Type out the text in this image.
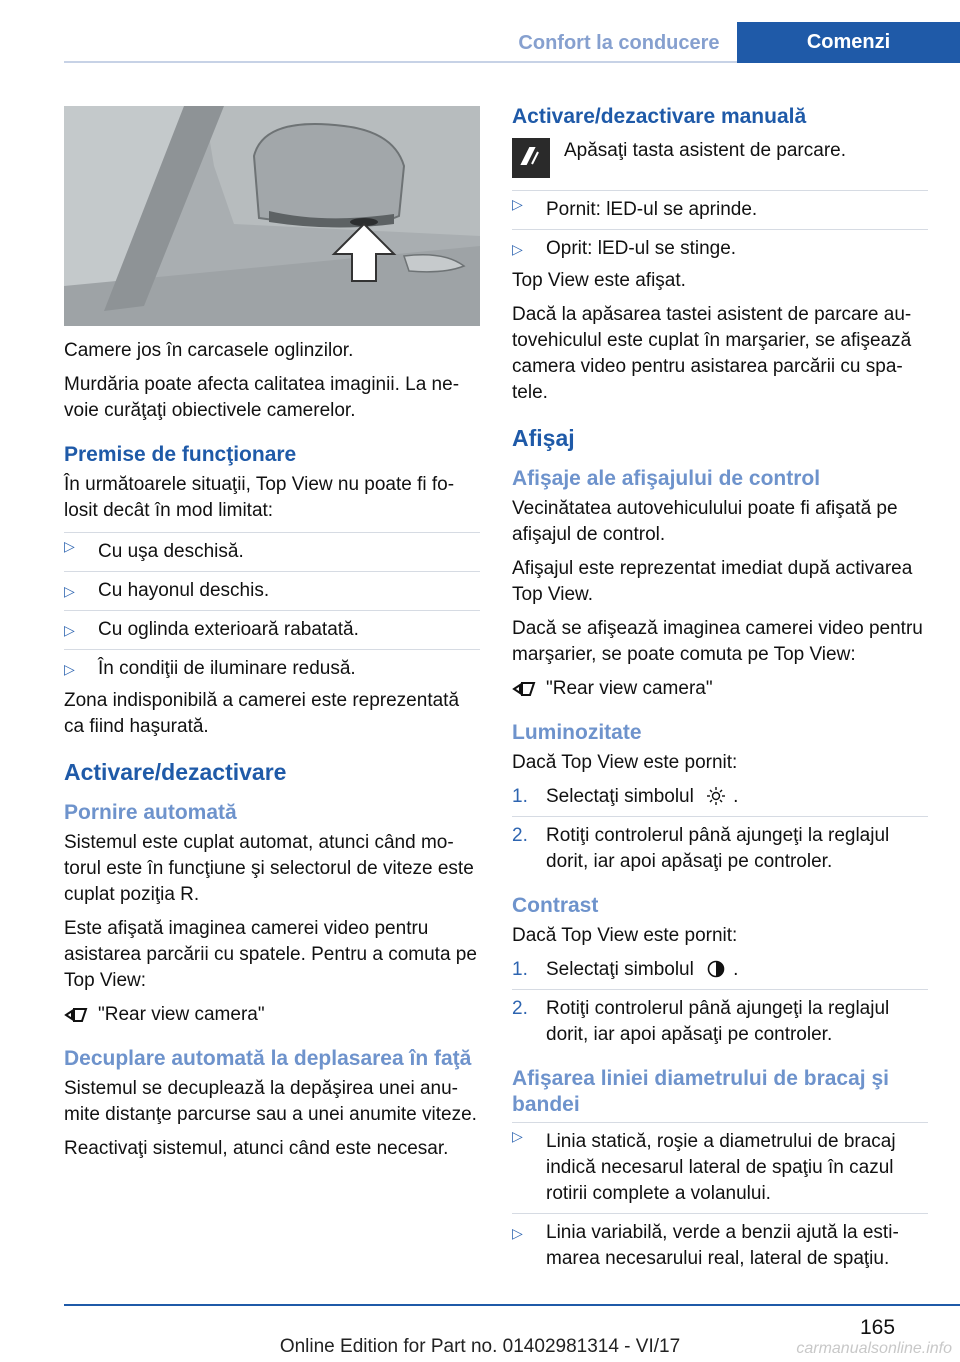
Confort la conducere	Comenzi

Camere jos în carcasele oglinzilor.

Murdăria poate afecta calitatea imaginii. La nevoie curăţaţi obiectivele camerelor.

Premise de funcţionare

În următoarele situaţii, Top View nu poate fi folosit decât în mod limitat:

▷ Cu uşa deschisă.
▷ Cu hayonul deschis.
▷ Cu oglinda exterioară rabatată.
▷ În condiţii de iluminare redusă.

Zona indisponibilă a camerei este reprezentată ca fiind haşurată.

Activare/dezactivare
Pornire automată

Sistemul este cuplat automat, atunci când motorul este în funcţiune şi selectorul de viteze este cuplat poziţia R.

Este afişată imaginea camerei video pentru asistarea parcării cu spatele. Pentru a comuta pe Top View:

"Rear view camera"
Decuplare automată la deplasarea în faţă

Sistemul se decuplează la depăşirea unei anumite distanţe parcurse sau a unei anumite viteze.

Reactivaţi sistemul, atunci când este necesar.

Activare/dezactivare manuală
Apăsaţi tasta asistent de parcare.
▷ Pornit: lED-ul se aprinde.
▷ Oprit: lED-ul se stinge.

Top View este afişat.

Dacă la apăsarea tastei asistent de parcare autovehiculul este cuplat în marşarier, se afişează camera video pentru asistarea parcării cu spatele.

Afişaj
Afişaje ale afişajului de control

Vecinătatea autovehiculului poate fi afişată pe afişajul de control.

Afişajul este reprezentat imediat după activarea Top View.

Dacă se afişează imaginea camerei video pentru marşarier, se poate comuta pe Top View:

"Rear view camera"
Luminozitate

Dacă Top View este pornit:

1. Selectaţi simbolul .
2. Rotiţi controlerul până ajungeţi la reglajul dorit, iar apoi apăsaţi pe controler.
Contrast

Dacă Top View este pornit:

1. Selectaţi simbolul .
2. Rotiţi controlerul până ajungeţi la reglajul dorit, iar apoi apăsaţi pe controler.
Afişarea liniei diametrului de bracaj şi bandei
▷ Linia statică, roşie a diametrului de bracaj indică necesarul lateral de spaţiu în cazul rotirii complete a volanului.
▷ Linia variabilă, verde a benzii ajută la estimarea necesarului real, lateral de spaţiu.
165
Online Edition for Part no. 01402981314 - VI/17	carmanualsonline.info
